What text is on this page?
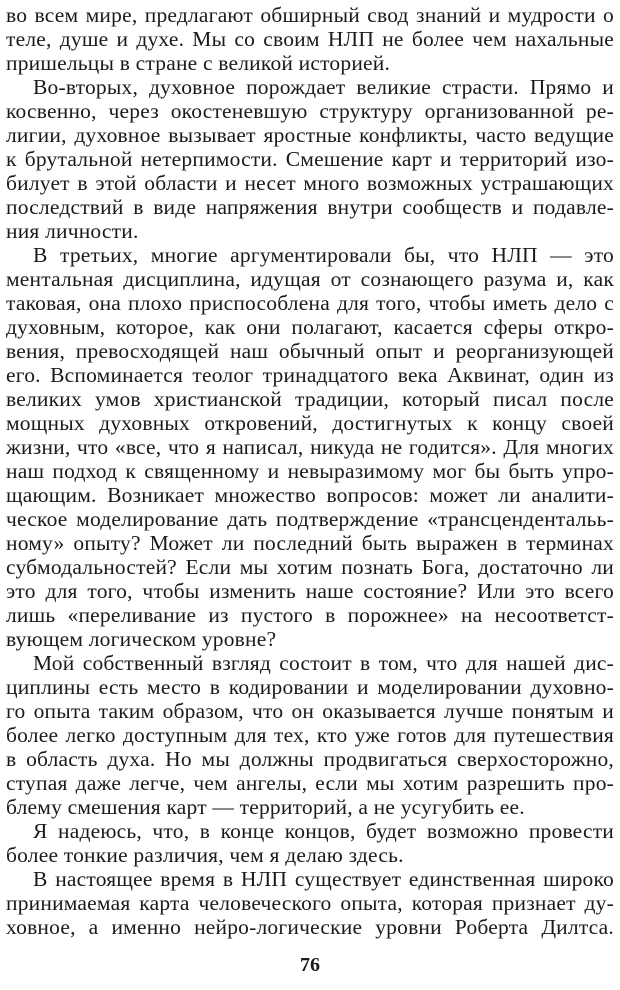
во всем мире, предлагают обширный свод знаний и мудрости о
теле, душе и духе. Мы со своим НЛП не более чем нахальные
пришельцы в стране с великой историей.
Во-вторых, духовное порождает великие страсти. Прямо и
косвенно, через окостеневшую структуру организованной ре-
лигии, духовное вызывает яростные конфликты, часто ведущие
к брутальной нетерпимости. Смешение карт и территорий изо-
билует в этой области и несет много возможных устрашающих
последствий в виде напряжения внутри сообществ и подавле-
ния личности.
В третьих, многие аргументировали бы, что НЛП — это
ментальная дисциплина, идущая от сознающего разума и, как
таковая, она плохо приспособлена для того, чтобы иметь дело с
духовным, которое, как они полагают, касается сферы откро-
вения, превосходящей наш обычный опыт и реорганизующей
его. Вспоминается теолог тринадцатого века Аквинат, один из
великих умов христианской традиции, который писал после
мощных духовных откровений, достигнутых к концу своей
жизни, что «все, что я написал, никуда не годится». Для многих
наш подход к священному и невыразимому мог бы быть упро-
щающим. Возникает множество вопросов: может ли аналити-
ческое моделирование дать подтверждение «трансцендентальь-
ному» опыту? Может ли последний быть выражен в терминах
субмодальностей? Если мы хотим познать Бога, достаточно ли
это для того, чтобы изменить наше состояние? Или это всего
лишь «переливание из пустого в порожнее» на несоответст-
вующем логическом уровне?
Мой собственный взгляд состоит в том, что для нашей дис-
циплины есть место в кодировании и моделировании духовно-
го опыта таким образом, что он оказывается лучше понятым и
более легко доступным для тех, кто уже готов для путешествия
в область духа. Но мы должны продвигаться сверхосторожно,
ступая даже легче, чем ангелы, если мы хотим разрешить про-
блему смешения карт — территорий, а не усугубить ее.
Я надеюсь, что, в конце концов, будет возможно провести
более тонкие различия, чем я делаю здесь.
В настоящее время в НЛП существует единственная широко
принимаемая карта человеческого опыта, которая признает ду-
ховное, а именно нейро-логические уровни Роберта Дилтса.
76
